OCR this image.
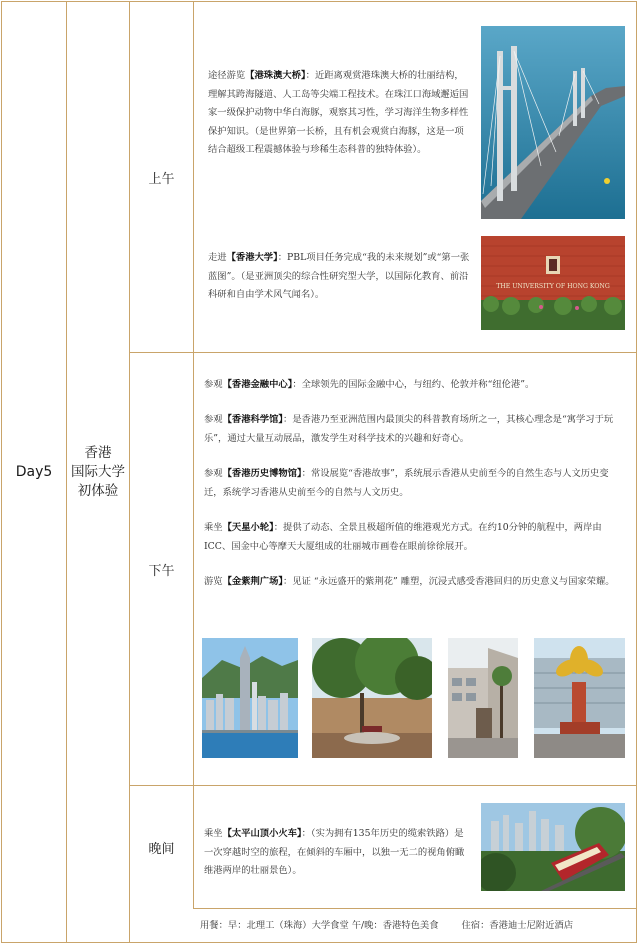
Day5
香港
国际大学
初体验
上午
下午
晚间

途径游览【港珠澳大桥】：近距离观赏港珠澳大桥的壮丽结构，理解其跨海隧道、人工岛等尖端工程技术。在珠江口海域邂逅国家一级保护动物中华白海豚，观察其习性，学习海洋生物多样性保护知识。（是世界第一长桥，且有机会观赏白海豚，这是一项结合超级工程震撼体验与珍稀生态科普的独特体验）。

走进【香港大学】：PBL项目任务完成“我的未来规划”或“第一张蓝图”。（是亚洲顶尖的综合性研究型大学，以国际化教育、前沿科研和自由学术风气闻名）。

THE UNIVERSITY OF HONG KONG

参观【香港金融中心】：全球领先的国际金融中心，与纽约、伦敦并称“纽伦港”。

参观【香港科学馆】：是香港乃至亚洲范围内最顶尖的科普教育场所之一，其核心理念是“寓学习于玩乐”，通过大量互动展品，激发学生对科学技术的兴趣和好奇心。

参观【香港历史博物馆】：常设展览“香港故事”，系统展示香港从史前至今的自然生态与人文历史变迁，系统学习香港从史前至今的自然与人文历史。

乘坐【天星小轮】：提供了动态、全景且极超所值的维港观光方式。在约10分钟的航程中，两岸由ICC、国金中心等摩天大厦组成的壮丽城市画卷在眼前徐徐展开。

游览【金紫荆广场】：见证 “永远盛开的紫荆花” 雕塑，沉浸式感受香港回归的历史意义与国家荣耀。

乘坐【太平山顶小火车】：（实为拥有135年历史的缆索铁路）是一次穿越时空的旅程，在倾斜的车厢中，以独一无二的视角俯瞰维港两岸的壮丽景色）。

用餐：早：北理工（珠海）大学食堂 午/晚：香港特色美食 住宿：香港迪士尼附近酒店
